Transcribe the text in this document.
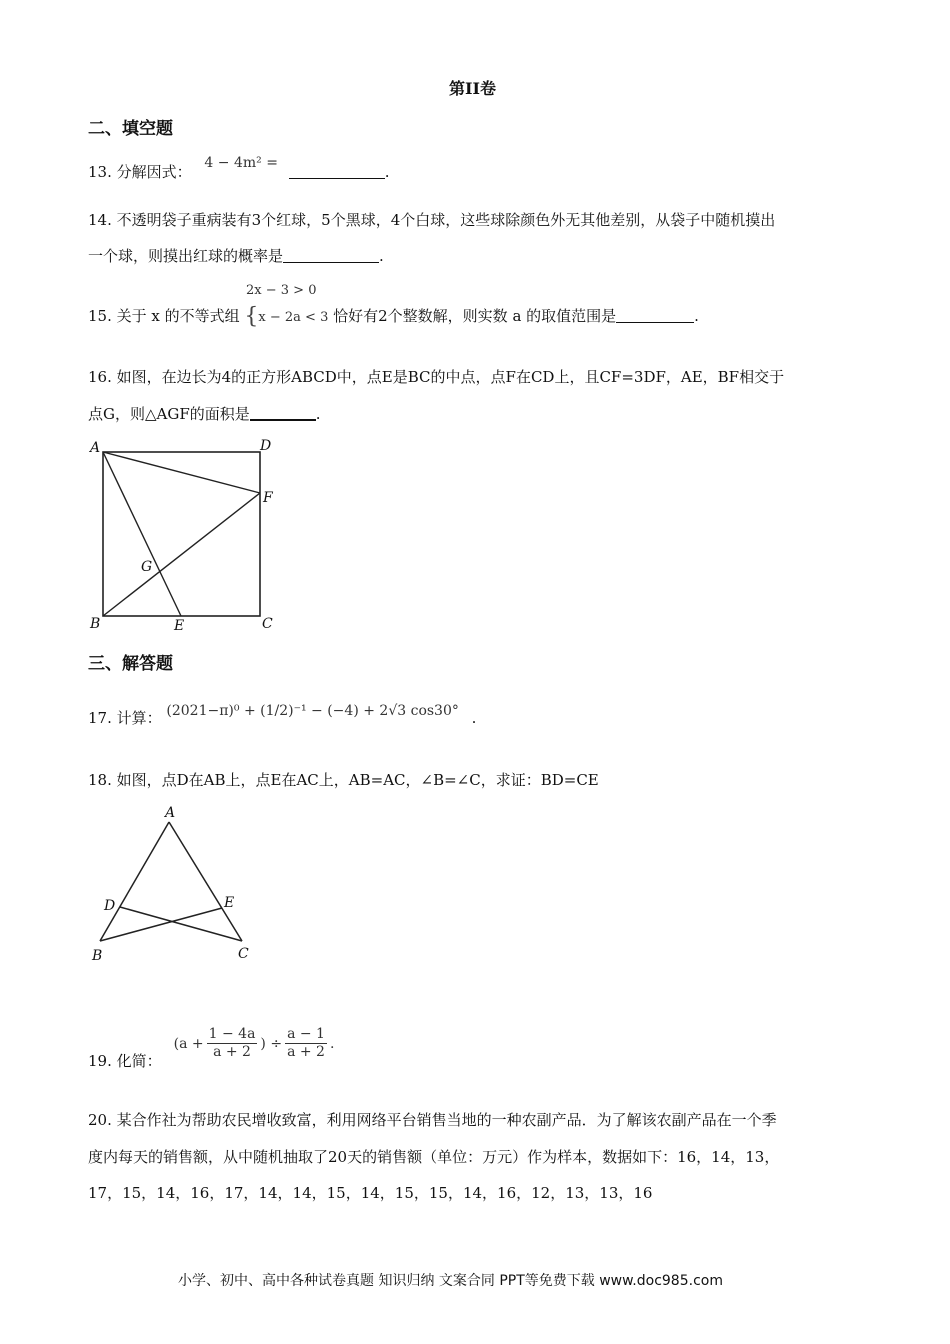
第II卷
二、填空题
13. 分解因式： 4 − 4m² =	.
14. 不透明袋子重病装有3个红球，5个黑球，4个白球，这些球除颜色外无其他差别，从袋子中随机摸出
一个球，则摸出红球的概率是	.
2x − 3 > 0
15. 关于 x 的不等式组 {x − 2a < 3 恰好有2个整数解，则实数 a 的取值范围是	.
16. 如图，在边长为4的正方形ABCD中，点E是BC的中点，点F在CD上，且CF=3DF，AE，BF相交于
点G，则△AGF的面积是	.
A	D
F
G
B	E	C
三、解答题
17. 计算： (2021−π)⁰ + (1/2)⁻¹ − (−4) + 2√3 cos30° .
18. 如图，点D在AB上，点E在AC上，AB=AC，∠B=∠C，求证：BD=CE
A
D	E
B	C
19. 化简：
($a + \frac{1 - 4a}{a + 2}$ ) ÷ $\frac{a - 1}{a + 2}$ .
20. 某合作社为帮助农民增收致富，利用网络平台销售当地的一种农副产品．为了解该农副产品在一个季
度内每天的销售额，从中随机抽取了20天的销售额（单位：万元）作为样本，数据如下：16，14，13，
17，15，14，16，17，14，14，15，14，15，15，14，16，12，13，13，16
小学、初中、高中各种试卷真题 知识归纳 文案合同 PPT等免费下载 www.doc985.com
